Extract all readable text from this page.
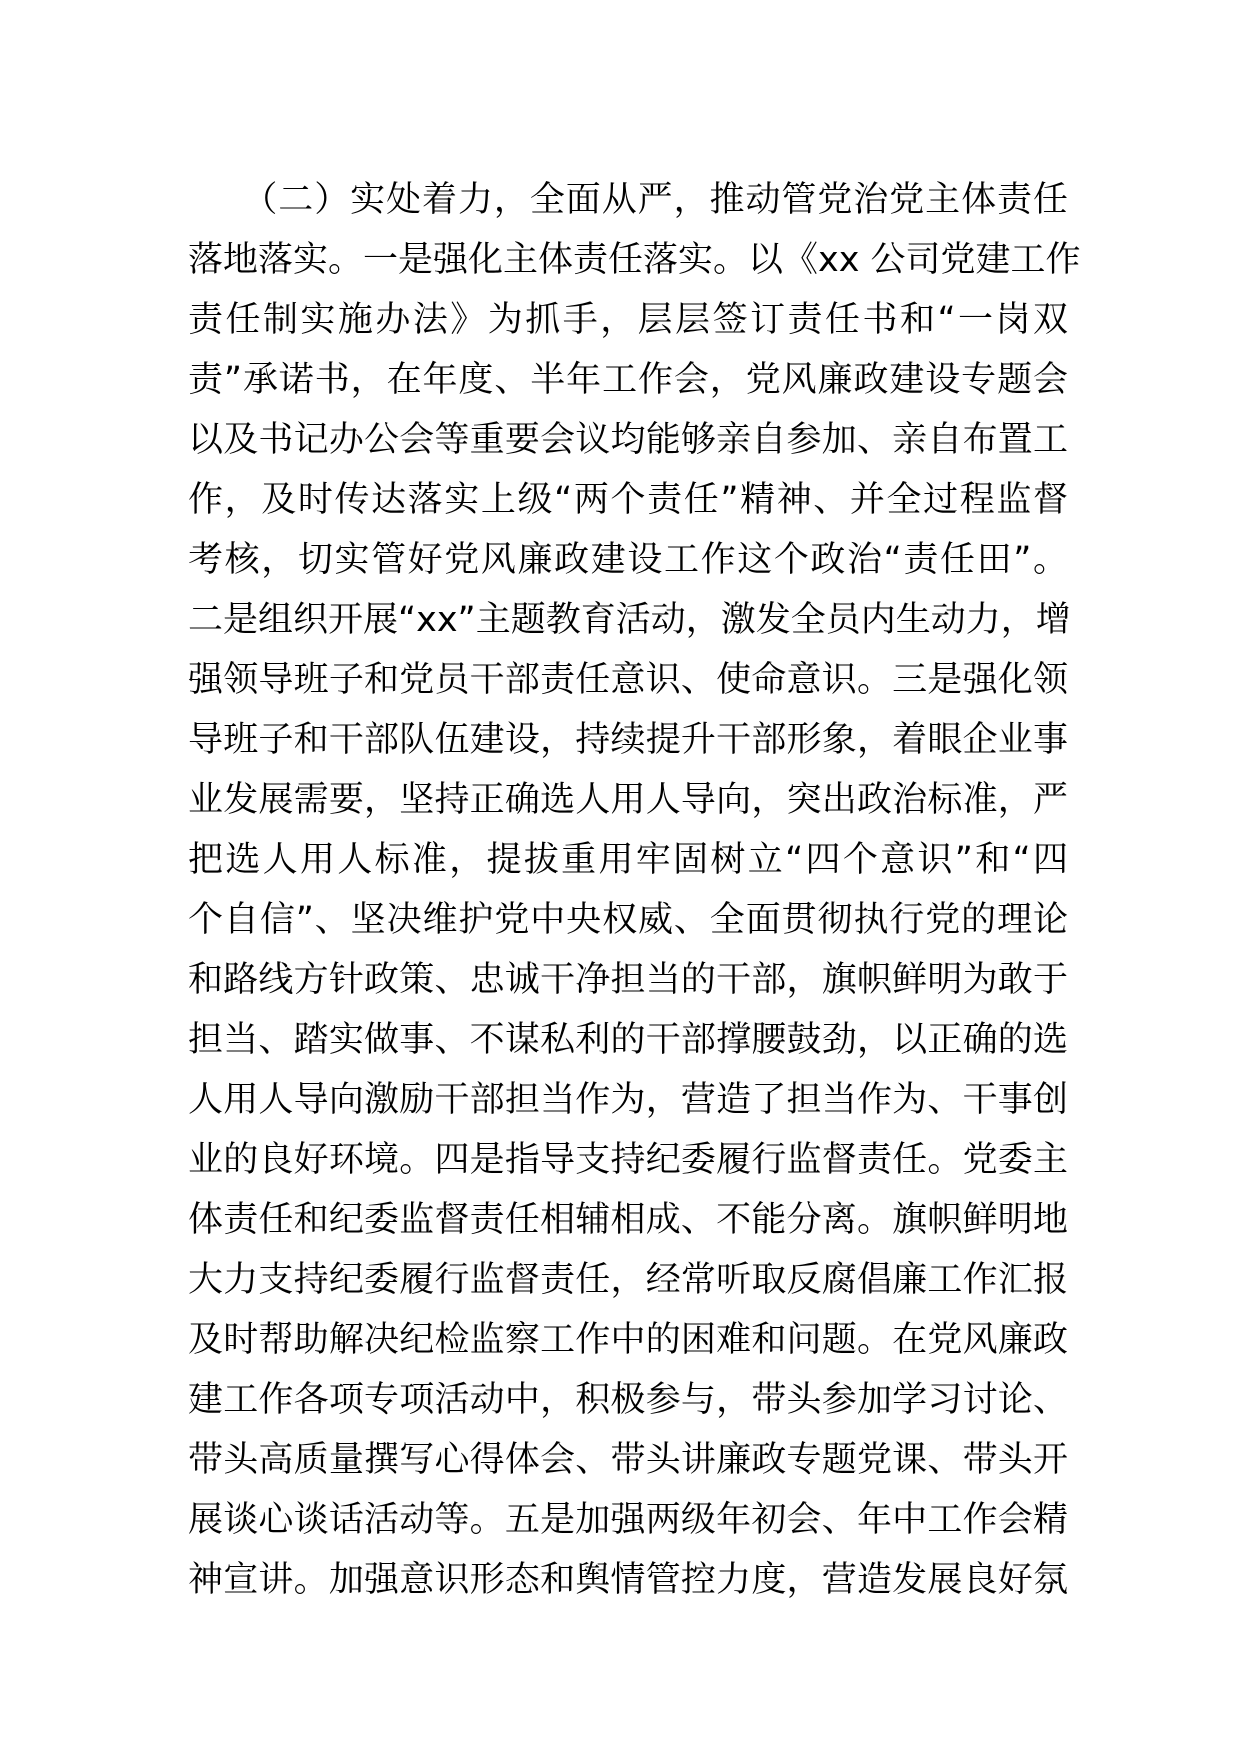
　　（二）实处着力，全面从严，推动管党治党主体责任
落地落实。一是强化主体责任落实。以《xx 公司党建工作
责任制实施办法》为抓手，层层签订责任书和“一岗双
责”承诺书，在年度、半年工作会，党风廉政建设专题会
以及书记办公会等重要会议均能够亲自参加、亲自布置工
作，及时传达落实上级“两个责任”精神、并全过程监督
考核，切实管好党风廉政建设工作这个政治“责任田”。
二是组织开展“xx”主题教育活动，激发全员内生动力，增
强领导班子和党员干部责任意识、使命意识。三是强化领
导班子和干部队伍建设，持续提升干部形象，着眼企业事
业发展需要，坚持正确选人用人导向，突出政治标准，严
把选人用人标准，提拔重用牢固树立“四个意识”和“四
个自信”、坚决维护党中央权威、全面贯彻执行党的理论
和路线方针政策、忠诚干净担当的干部，旗帜鲜明为敢于
担当、踏实做事、不谋私利的干部撑腰鼓劲，以正确的选
人用人导向激励干部担当作为，营造了担当作为、干事创
业的良好环境。四是指导支持纪委履行监督责任。党委主
体责任和纪委监督责任相辅相成、不能分离。旗帜鲜明地
大力支持纪委履行监督责任，经常听取反腐倡廉工作汇报
及时帮助解决纪检监察工作中的困难和问题。在党风廉政
建工作各项专项活动中，积极参与，带头参加学习讨论、
带头高质量撰写心得体会、带头讲廉政专题党课、带头开
展谈心谈话活动等。五是加强两级年初会、年中工作会精
神宣讲。加强意识形态和舆情管控力度，营造发展良好氛
